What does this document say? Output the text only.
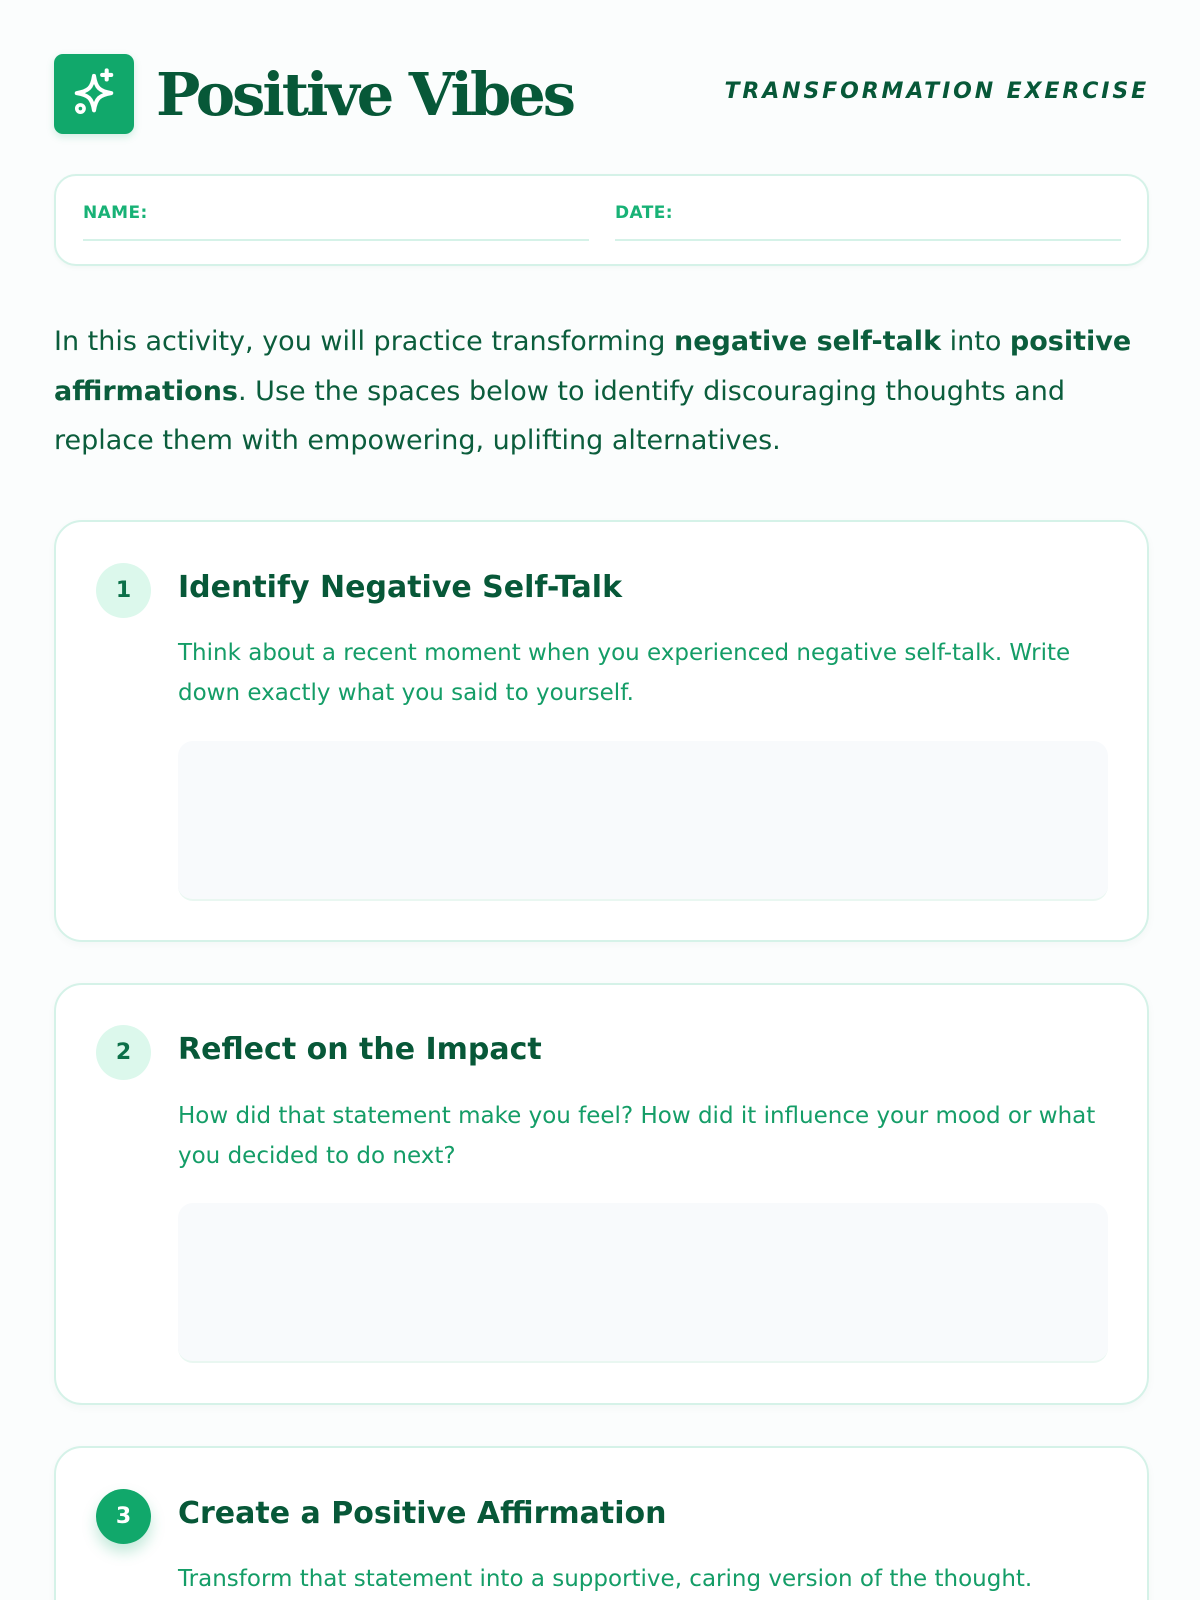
Positive Vibes	TRANSFORMATION EXERCISE
NAME:	DATE:

In this activity, you will practice transforming negative self-talk into positive affirmations. Use the spaces below to identify discouraging thoughts and replace them with empowering, uplifting alternatives.

1	Identify Negative Self-Talk

Think about a recent moment when you experienced negative self-talk. Write down exactly what you said to yourself.

2	Reflect on the Impact

How did that statement make you feel? How did it influence your mood or what you decided to do next?

3	Create a Positive Affirmation

Transform that statement into a supportive, caring version of the thought.
